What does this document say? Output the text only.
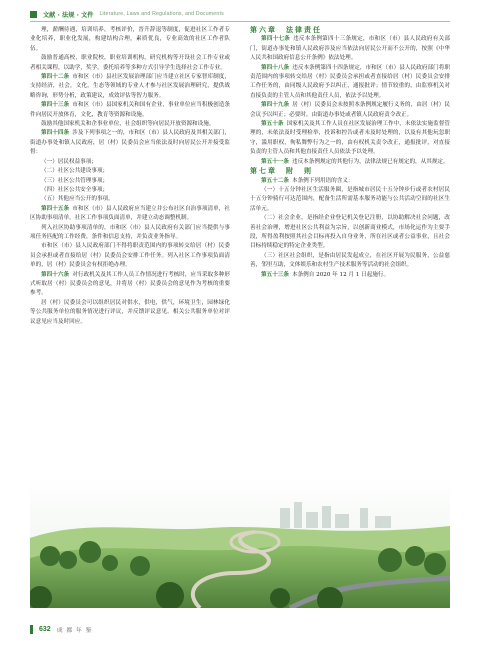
文献 · 法规 · 文件 Literature, Laws and Regulations, and Documents

理，薪酬待遇，培训培养，考核评价，晋升辞退等制度，促进社区工作者专业化培养，职业化发展，构建结构合理，素质优良，专业高效的社区工作者队伍。

鼓励普通高校，职业院校，职业培训机构，研究机构等开设社会工作专业或者相关课程，以助学，奖学，委托培养等多种方式引导学生选择社会工作专业。

第四十二条 市和区（市）县社区发展治理部门应当建立社区专家智库制度，支持经济，社会，文化，生态等领域的专业人才参与社区发展治理研究，提供战略咨询，形势分析，政策建议，成效评估等智力服务。

第四十三条 市和区（市）县国家机关和国有企业，事业单位应当积极创造条件向居民开放体育，文化，教育等资源和设施。

鼓励其他国家机关和企事业单位，社会组织等向居民开放资源和设施。

第四十四条 涉及下列事项之一的，市和区（市）县人民政府及其相关部门，街道办事处和镇人民政府，居（村）民委员会应当依法及时向居民公开并接受监督：

（一）居民权益事项；

（二）社区公共建设事项；

（三）社区公共管理事项；

（四）社区公共安全事项；

（五）其他应当公开的事项。

第四十五条 市和区（市）县人民政府应当建立并公布社区自治事项清单，社区协助事项清单，社区工作事项负面清单，并建立动态调整机制。

列入社区协助事项清单的，市和区（市）县人民政府有关部门应当提供与事项任务匹配的工作经费，条件和信息支持，并负责业务指导。

市和区（市）县人民政府部门不得将职责范围内的事项转交给居（村）民委员会承担或者直接给居（村）民委员会安排工作任务。列入社区工作事项负面清单的，居（村）民委员会有权拒绝办理。

第四十六条 对行政机关及其工作人员工作情况进行考核时，应当采取多种形式听取居（村）民委员会的意见，并将居（村）民委员会的意见作为考核的重要参考。

居（村）民委员会可以组织居民对供水，供电，供气，环境卫生，园林绿化等公共服务单位的服务情况进行评议，并反馈评议意见。相关公共服务单位对评议意见应当及时回应。

第六章　法律责任

第四十七条 违反本条例第四十三条规定，市和区（市）县人民政府有关部门，街道办事处和镇人民政府涉及应当依法向居民公开而不公开的，按照《中华人民共和国政府信息公开条例》依法处理。

第四十八条 违反本条例第四十四条规定，市和区（市）县人民政府部门将职责范围内的事项转交给居（村）民委员会承担或者直接给居（村）民委员会安排工作任务的，由同级人民政府予以纠正，通报批评；情节较重的，由监察机关对直接负责的主管人员和其他责任人员，依法予以处理。

第四十九条 居（村）民委员会未按照本条例规定履行义务的，由居（村）民会议予以纠正；必要时，由街道办事处或者镇人民政府责令改正。

第五十条 国家机关及其工作人员在社区发展治理工作中，未依法实施监督管理的，未依法及时受理检举，投诉和控告或者未及时处理的，以及有其他玩忽职守，滥用职权，徇私舞弊行为之一的，由有权机关责令改正，通报批评，对直接负责的主管人员和其他直接责任人员依法予以处理。

第五十一条 违反本条例规定的其他行为，法律法规已有规定的，从其规定。

第七章　附　则

第五十二条 本条例下列用语的含义：

（一）十五分钟社区生活服务圈，是指城市居民十五分钟步行或者农村居民十五分钟骑行可达范围内，配备生活所需基本服务功能与公共活动空间的社区生活单元。

（二）社会企业，是指经企业登记机关登记注册，以协助解决社会问题，改善社会治理，增进社区公共利益为宗旨，以创新商业模式，市场化运作为主要手段，所得盈利按照其社会目标再投入自身业务，所在社区或者公益事业，且社会目标持续稳定的特定企业类型。

（三）社区社会组织，是指由居民发起成立，在社区开展为民服务，公益慈善，邻里互助，文体娱乐和农村生产技术服务等活动的社会组织。

第五十三条 本条例自 2020 年 12 月 1 日起施行。

632 成 都 年 鉴
